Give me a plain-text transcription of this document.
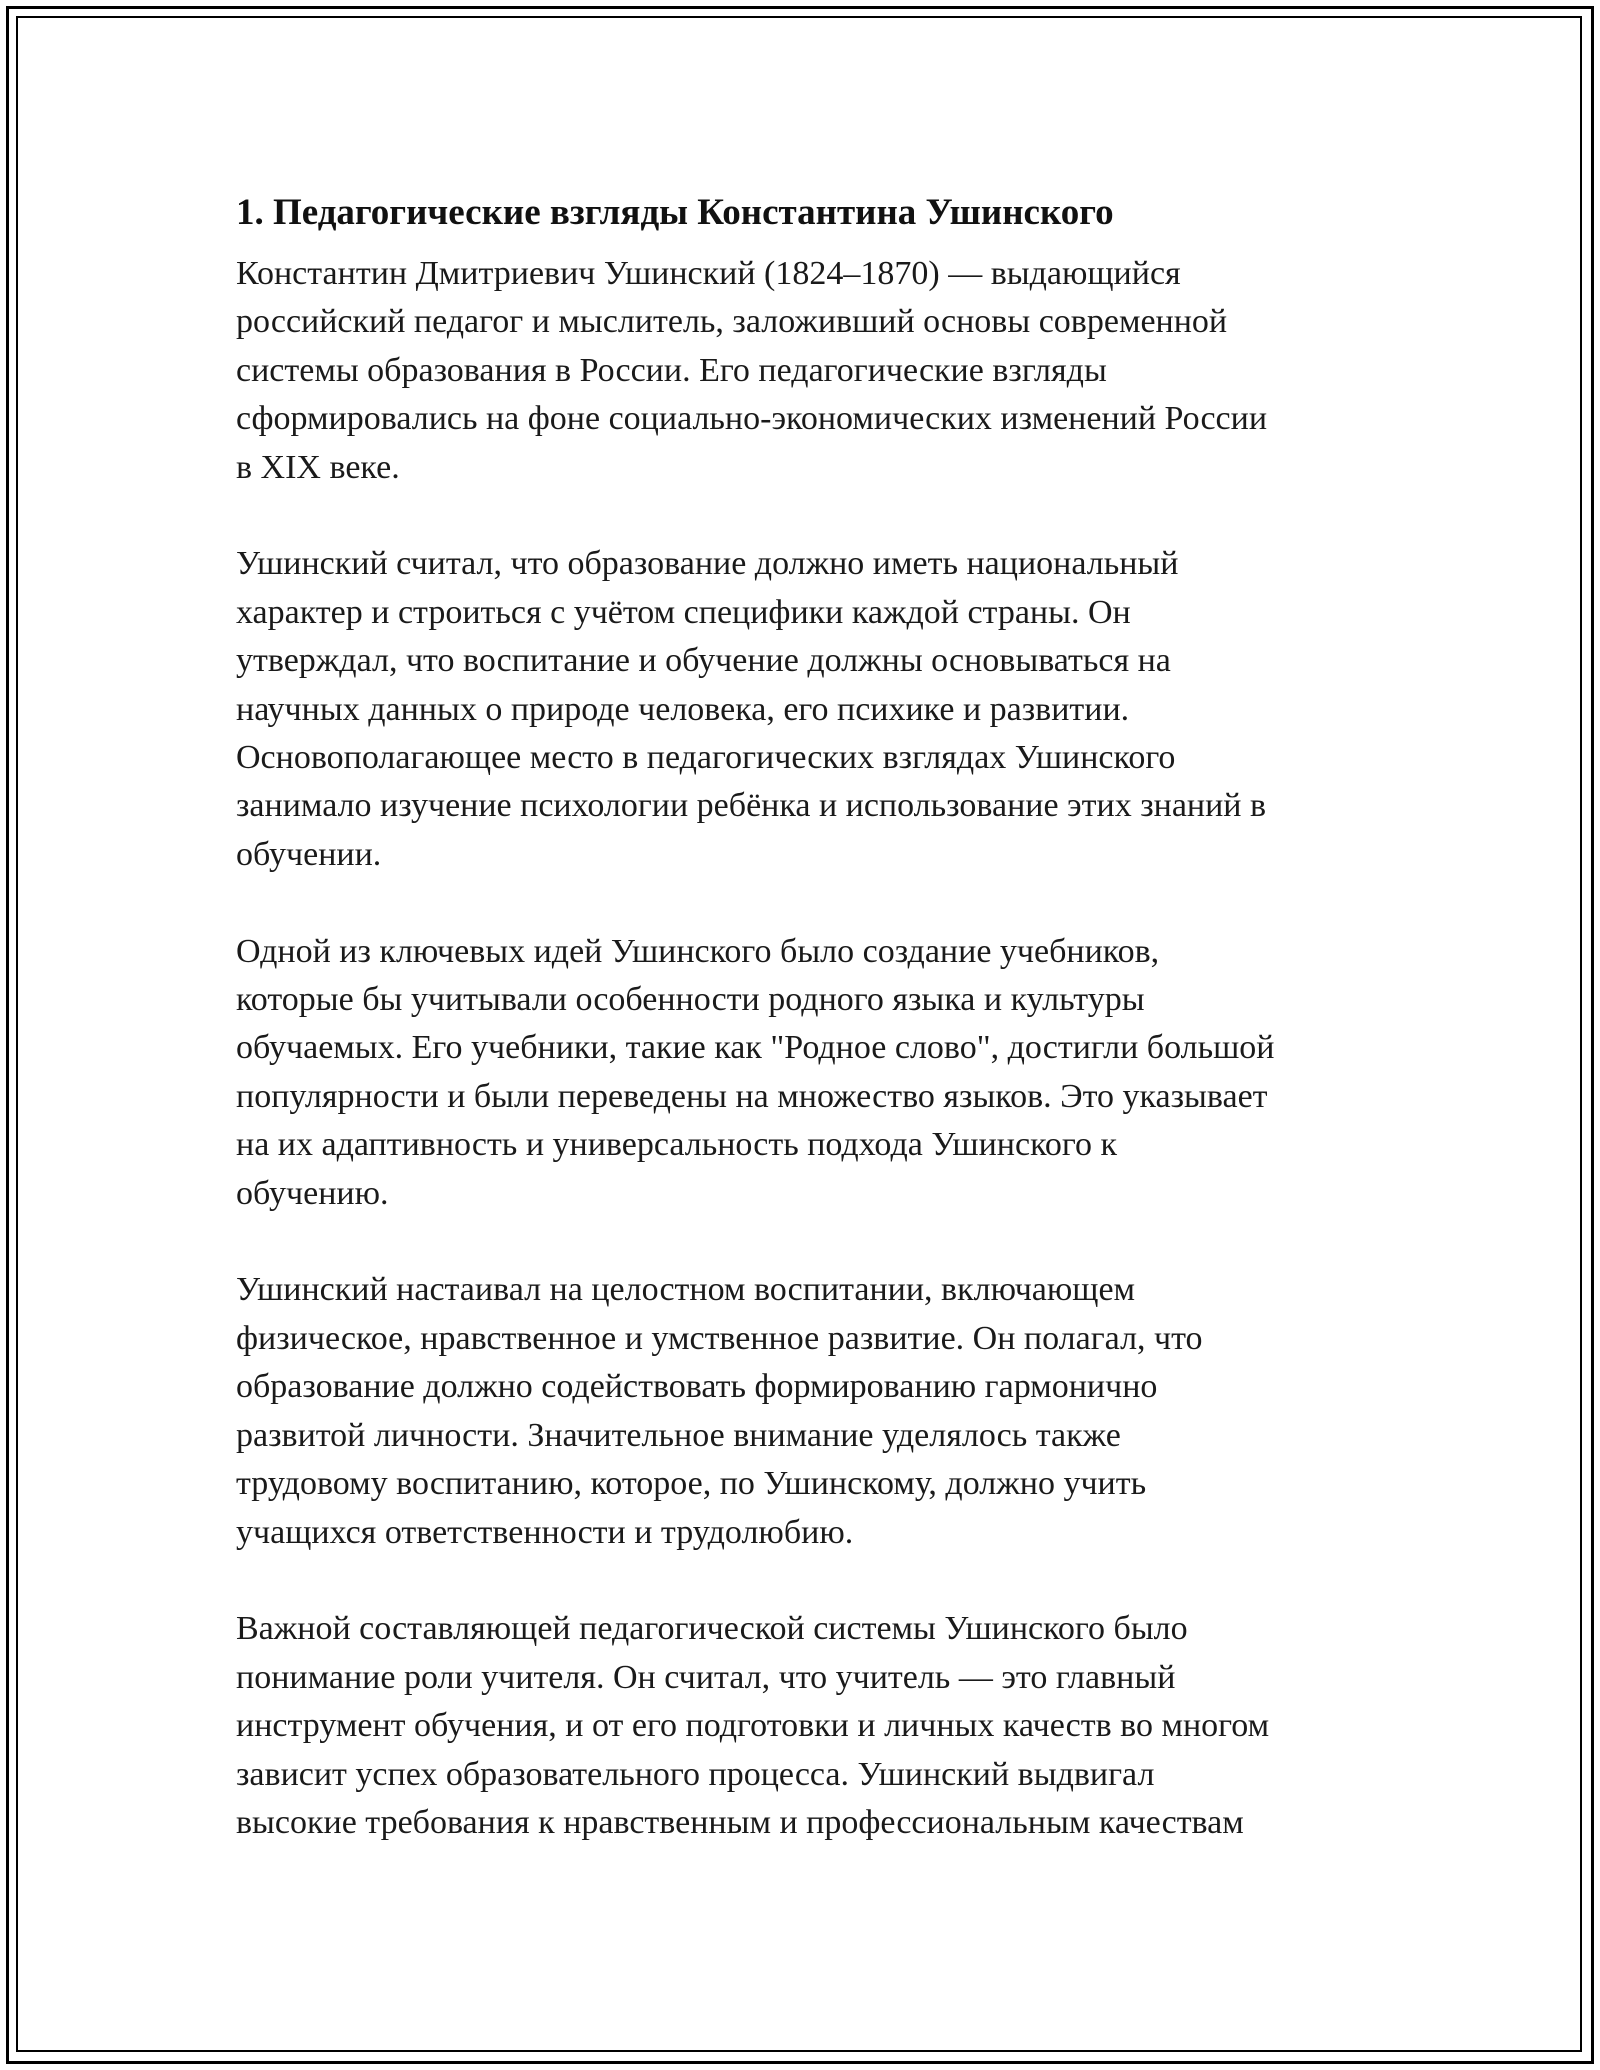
1. Педагогические взгляды Константина Ушинского
Константин Дмитриевич Ушинский (1824–1870) — выдающийся
российский педагог и мыслитель, заложивший основы современной
системы образования в России. Его педагогические взгляды
сформировались на фоне социально-экономических изменений России
в XIX веке.
Ушинский считал, что образование должно иметь национальный
характер и строиться с учётом специфики каждой страны. Он
утверждал, что воспитание и обучение должны основываться на
научных данных о природе человека, его психике и развитии.
Основополагающее место в педагогических взглядах Ушинского
занимало изучение психологии ребёнка и использование этих знаний в
обучении.
Одной из ключевых идей Ушинского было создание учебников,
которые бы учитывали особенности родного языка и культуры
обучаемых. Его учебники, такие как "Родное слово", достигли большой
популярности и были переведены на множество языков. Это указывает
на их адаптивность и универсальность подхода Ушинского к
обучению.
Ушинский настаивал на целостном воспитании, включающем
физическое, нравственное и умственное развитие. Он полагал, что
образование должно содействовать формированию гармонично
развитой личности. Значительное внимание уделялось также
трудовому воспитанию, которое, по Ушинскому, должно учить
учащихся ответственности и трудолюбию.
Важной составляющей педагогической системы Ушинского было
понимание роли учителя. Он считал, что учитель — это главный
инструмент обучения, и от его подготовки и личных качеств во многом
зависит успех образовательного процесса. Ушинский выдвигал
высокие требования к нравственным и профессиональным качествам
